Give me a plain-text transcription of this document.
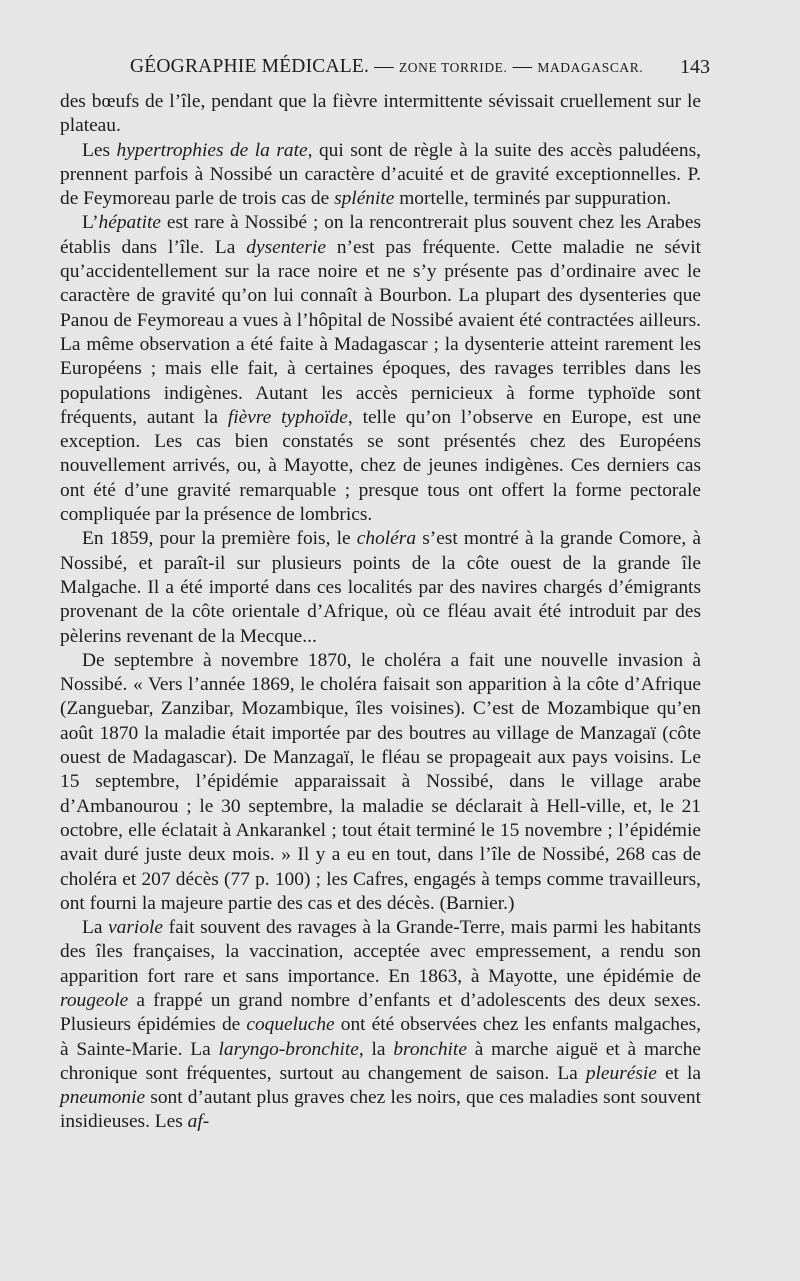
GÉOGRAPHIE MÉDICALE. — ZONE TORRIDE. — MADAGASCAR. 143

des bœufs de l’île, pendant que la fièvre intermittente sévissait cruellement sur le plateau.

Les hypertrophies de la rate, qui sont de règle à la suite des accès paludéens, prennent parfois à Nossibé un caractère d’acuité et de gravité exceptionnelles. P. de Feymoreau parle de trois cas de splénite mortelle, terminés par suppuration.

L’hépatite est rare à Nossibé ; on la rencontrerait plus souvent chez les Arabes établis dans l’île. La dysenterie n’est pas fréquente. Cette maladie ne sévit qu’accidentellement sur la race noire et ne s’y présente pas d’ordinaire avec le caractère de gravité qu’on lui connaît à Bourbon. La plupart des dysenteries que Panou de Feymoreau a vues à l’hôpital de Nossibé avaient été contractées ailleurs. La même observation a été faite à Madagascar ; la dysenterie atteint rarement les Européens ; mais elle fait, à certaines époques, des ravages terribles dans les populations indigènes. Autant les accès pernicieux à forme typhoïde sont fréquents, autant la fièvre typhoïde, telle qu’on l’observe en Europe, est une exception. Les cas bien constatés se sont présentés chez des Européens nouvellement arrivés, ou, à Mayotte, chez de jeunes indigènes. Ces derniers cas ont été d’une gravité remarquable ; presque tous ont offert la forme pectorale compliquée par la présence de lombrics.

En 1859, pour la première fois, le choléra s’est montré à la grande Comore, à Nossibé, et paraît-il sur plusieurs points de la côte ouest de la grande île Malgache. Il a été importé dans ces localités par des navires chargés d’émigrants provenant de la côte orientale d’Afrique, où ce fléau avait été introduit par des pèlerins revenant de la Mecque...

De septembre à novembre 1870, le choléra a fait une nouvelle invasion à Nossibé. « Vers l’année 1869, le choléra faisait son apparition à la côte d’Afrique (Zanguebar, Zanzibar, Mozambique, îles voisines). C’est de Mozambique qu’en août 1870 la maladie était importée par des boutres au village de Manzagaï (côte ouest de Madagascar). De Manzagaï, le fléau se propageait aux pays voisins. Le 15 septembre, l’épidémie apparaissait à Nossibé, dans le village arabe d’Ambanourou ; le 30 septembre, la maladie se déclarait à Hell-ville, et, le 21 octobre, elle éclatait à Ankarankel ; tout était terminé le 15 novembre ; l’épidémie avait duré juste deux mois. » Il y a eu en tout, dans l’île de Nossibé, 268 cas de choléra et 207 décès (77 p. 100) ; les Cafres, engagés à temps comme travailleurs, ont fourni la majeure partie des cas et des décès. (Barnier.)

La variole fait souvent des ravages à la Grande-Terre, mais parmi les habitants des îles françaises, la vaccination, acceptée avec empressement, a rendu son apparition fort rare et sans importance. En 1863, à Mayotte, une épidémie de rougeole a frappé un grand nombre d’enfants et d’adolescents des deux sexes. Plusieurs épidémies de coqueluche ont été observées chez les enfants malgaches, à Sainte-Marie. La laryngo-bronchite, la bronchite à marche aiguë et à marche chronique sont fréquentes, surtout au changement de saison. La pleurésie et la pneumonie sont d’autant plus graves chez les noirs, que ces maladies sont souvent insidieuses. Les af-
